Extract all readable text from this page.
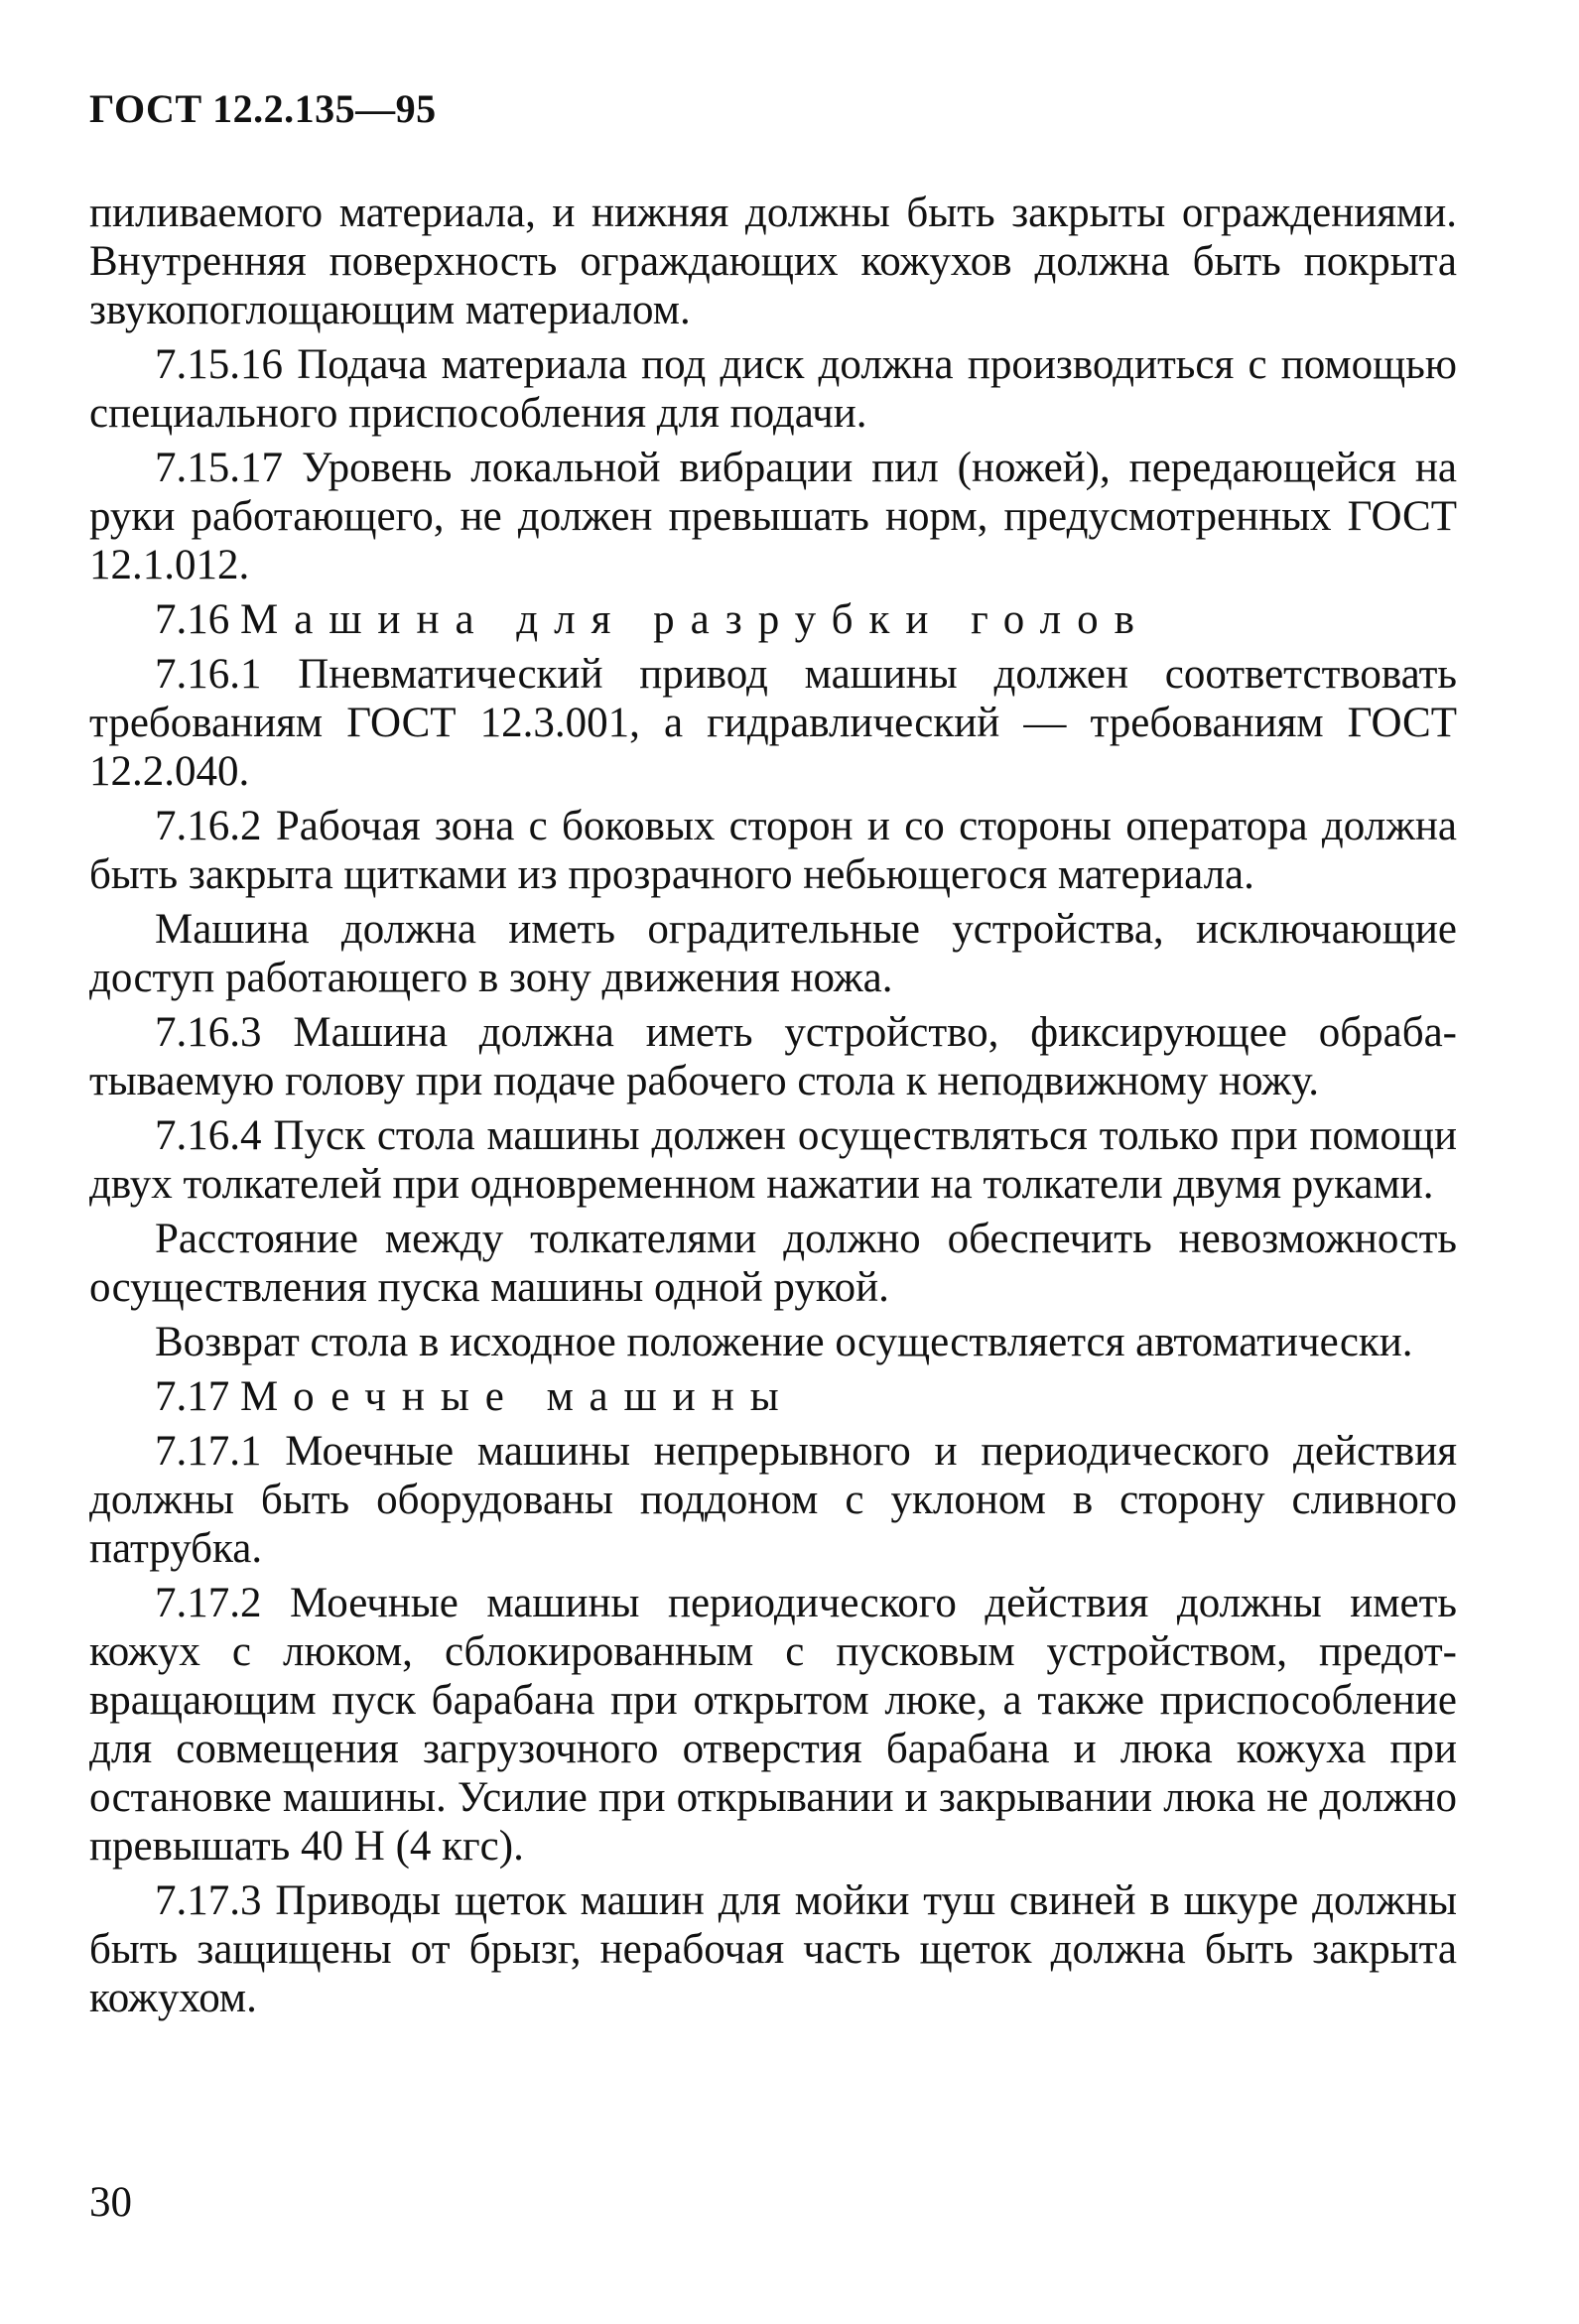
ГОСТ 12.2.135—95

пиливаемого материала, и нижняя должны быть закрыты ограждениями. Внутренняя поверхность ограждающих кожухов должна быть покрыта звукопоглощающим материалом.

7.15.16 Подача материала под диск должна производиться с помощью специального приспособления для подачи.

7.15.17 Уровень локальной вибрации пил (ножей), передающейся на руки работающего, не должен превышать норм, предусмотренных ГОСТ 12.1.012.

7.16 Машина для разрубки голов

7.16.1 Пневматический привод машины должен соответствовать требованиям ГОСТ 12.3.001, а гидравлический — требованиям ГОСТ 12.2.040.

7.16.2 Рабочая зона с боковых сторон и со стороны оператора должна быть закрыта щитками из прозрачного небьющегося материала.

Машина должна иметь оградительные устройства, исключающие доступ работающего в зону движения ножа.

7.16.3 Машина должна иметь устройство, фиксирующее обрабатываемую голову при подаче рабочего стола к неподвижному ножу.

7.16.4 Пуск стола машины должен осуществляться только при помощи двух толкателей при одновременном нажатии на толкатели двумя руками.

Расстояние между толкателями должно обеспечить невозможность осуществления пуска машины одной рукой.

Возврат стола в исходное положение осуществляется автоматически.

7.17 Моечные машины

7.17.1 Моечные машины непрерывного и периодического действия должны быть оборудованы поддоном с уклоном в сторону сливного патрубка.

7.17.2 Моечные машины периодического действия должны иметь кожух с люком, сблокированным с пусковым устройством, предотвращающим пуск барабана при открытом люке, а также приспособление для совмещения загрузочного отверстия барабана и люка кожуха при остановке машины. Усилие при открывании и закрывании люка не должно превышать 40 Н (4 кгс).

7.17.3 Приводы щеток машин для мойки туш свиней в шкуре должны быть защищены от брызг, нерабочая часть щеток должна быть закрыта кожухом.

30
